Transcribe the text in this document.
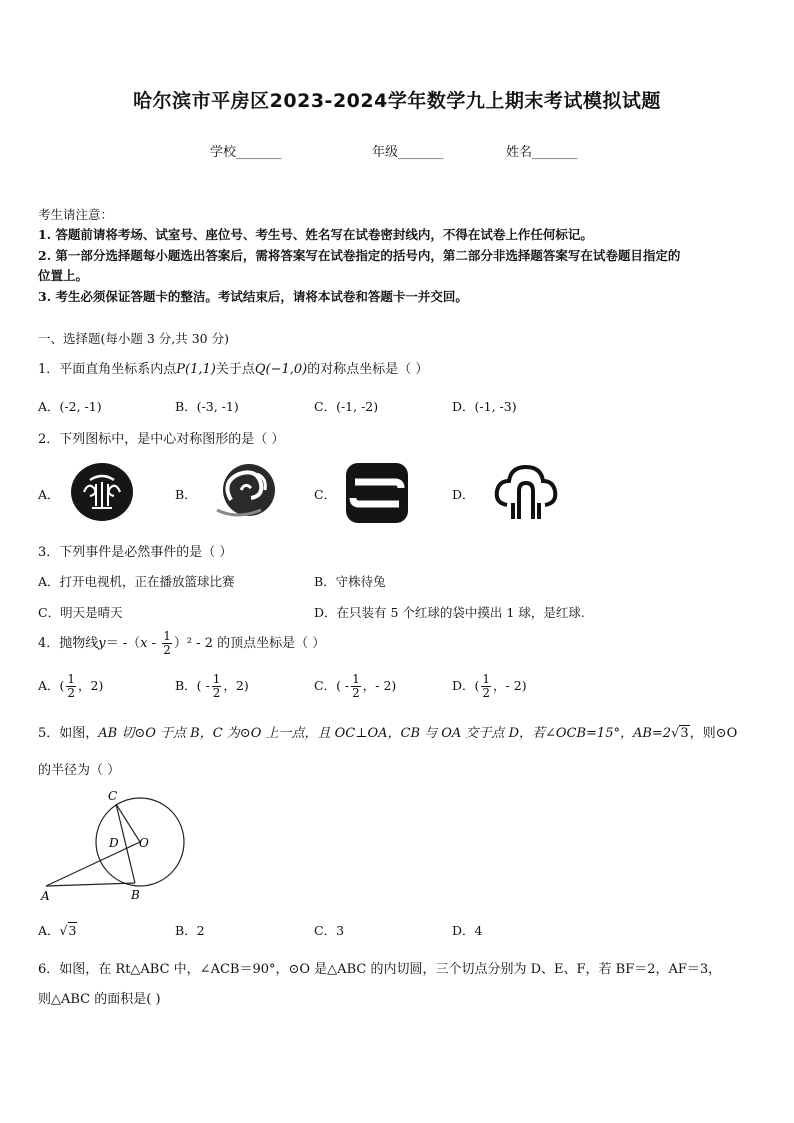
哈尔滨市平房区2023-2024学年数学九上期末考试模拟试题
学校_______	年级_______	姓名_______
考生请注意：
1. 答题前请将考场、试室号、座位号、考生号、姓名写在试卷密封线内，不得在试卷上作任何标记。
2. 第一部分选择题每小题选出答案后，需将答案写在试卷指定的括号内，第二部分非选择题答案写在试卷题目指定的
位置上。
3. 考生必须保证答题卡的整洁。考试结束后，请将本试卷和答题卡一并交回。
一、选择题(每小题 3 分,共 30 分)
1．平面直角坐标系内点P(1,1)关于点Q(−1,0)的对称点坐标是（ ）
A．(-2, -1)	B．(-3, -1)	C．(-1, -2)	D．(-1, -3)
2．下列图标中，是中心对称图形的是（ ）
A．	B．	C．	D．
3．下列事件是必然事件的是（ ）
A．打开电视机，正在播放篮球比赛	B．守株待兔
C．明天是晴天	D．在只装有 5 个红球的袋中摸出 1 球，是红球.
4．抛物线$y= -(x - \frac{1}{2} )^2 - 2$ 的顶点坐标是（ ）
A．( $\frac{1}{2}$ ，2)	B．( - $\frac{1}{2}$ ，2)	C．( - $\frac{1}{2}$ ，- 2)	D．( $\frac{1}{2}$ ，- 2)
5．如图，AB 切⊙O 于点 B，C 为⊙O 上一点，且 OC⊥OA，CB 与 OA 交于点 D，若∠OCB=15°，AB=2√3，则⊙O
的半径为（ ）
C
D O
A	B
A．√3	B．2	C．3	D．4
6．如图，在 Rt△ABC 中，∠ACB＝90°，⊙O 是△ABC 的内切圆，三个切点分别为 D、E、F，若 BF＝2，AF＝3，
则△ABC 的面积是( )
